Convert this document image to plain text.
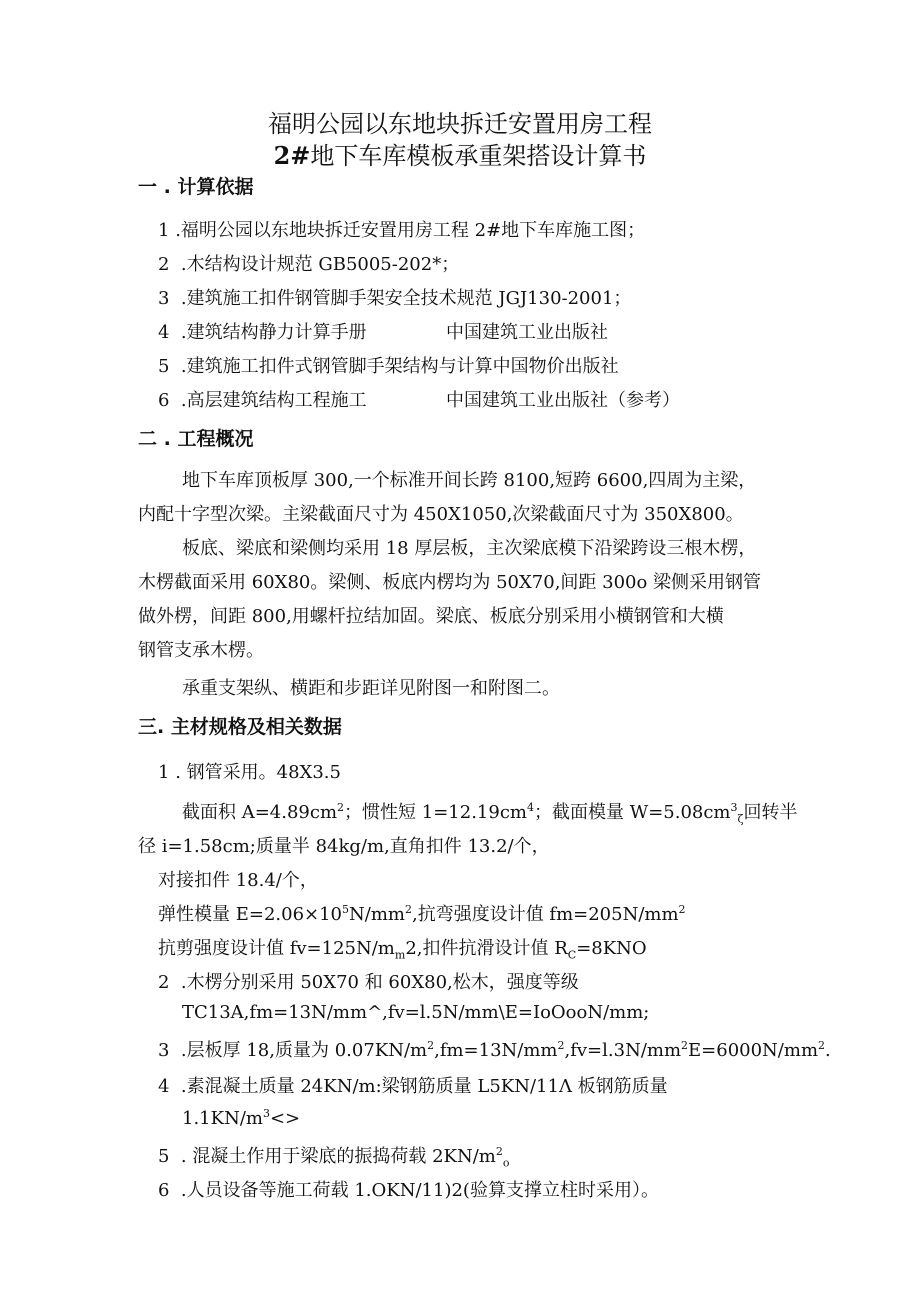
福明公园以东地块拆迁安置用房工程
2#地下车库模板承重架搭设计算书
一 . 计算依据
1 .福明公园以东地块拆迁安置用房工程 2#地下车库施工图；
2 .木结构设计规范 GB5005-202*；
3 .建筑施工扣件钢管脚手架安全技术规范 JGJ130-2001；
4 .建筑结构静力计算手册	中国建筑工业出版社
5 .建筑施工扣件式钢管脚手架结构与计算中国物价出版社
6 .高层建筑结构工程施工	中国建筑工业出版社（参考）
二 . 工程概况
地下车库顶板厚 300,一个标准开间长跨 8100,短跨 6600,四周为主梁，
内配十字型次梁。主梁截面尺寸为 450X1050,次梁截面尺寸为 350X800。
板底、梁底和梁侧均采用 18 厚层板，主次梁底模下沿梁跨设三根木楞，
木楞截面采用 60X80。梁侧、板底内楞均为 50X70,间距 300o 梁侧采用钢管
做外楞，间距 800,用螺杆拉结加固。梁底、板底分别采用小横钢管和大横
钢管支承木楞。
承重支架纵、横距和步距详见附图一和附图二。
三. 主材规格及相关数据
1 . 钢管采用。48X3.5
截面积 $A=4.89cm^2$；惯性短 $1=12.19cm^4$；截面模量 $W=5.08cm^3_\zeta$回转半
径 i=1.58cm;质量半 84kg/m,直角扣件 13.2/个，
对接扣件 18.4/个，
弹性模量 $E=2.06\times 10^5N/mm^2$,抗弯强度设计值 $fm=205N/mm^2$
抗剪强度设计值 $fv=125N/m_m2$,扣件抗滑设计值 $R_C=8KNO$
2 .木楞分别采用 50X70 和 60X80,松木，强度等级
TC13A,fm=13N/mm^,fv=l.5N/mm\E=IoOooN/mm;
3 .层板厚 18,质量为 $0.07KN/m^2,fm=13N/mm^2,fv=l.3N/mm^2E=6000N/mm^2$.
4 .素混凝土质量 24KN/m:梁钢筋质量 L5KN/11Λ 板钢筋质量
$1.1KN/m^3<>$
5 . 混凝土作用于梁底的振捣荷载 $2KN/m^2_o$
6 .人员设备等施工荷载 1.OKN/11)2(验算支撑立柱时采用）。
